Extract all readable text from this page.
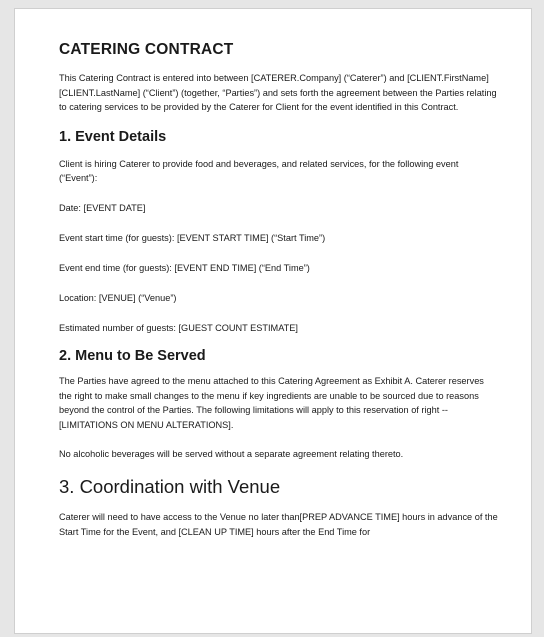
CATERING CONTRACT

This Catering Contract is entered into between [CATERER.Company] (“Caterer”) and [CLIENT.FirstName] [CLIENT.LastName] (“Client”) (together, “Parties”) and sets forth the agreement between the Parties relating to catering services to be provided by the Caterer for Client for the event identified in this Contract.

1. Event Details

Client is hiring Caterer to provide food and beverages, and related services, for the following event (“Event”):

Date: [EVENT DATE]

Event start time (for guests): [EVENT START TIME] (“Start Time”)

Event end time (for guests): [EVENT END TIME] (“End Time”)

Location: [VENUE] (“Venue”)

Estimated number of guests: [GUEST COUNT ESTIMATE]

2. Menu to Be Served

The Parties have agreed to the menu attached to this Catering Agreement as Exhibit A. Caterer reserves the right to make small changes to the menu if key ingredients are unable to be sourced due to reasons beyond the control of the Parties. The following limitations will apply to this reservation of right -- [LIMITATIONS ON MENU ALTERATIONS].

No alcoholic beverages will be served without a separate agreement relating thereto.

3. Coordination with Venue

Caterer will need to have access to the Venue no later than[PREP ADVANCE TIME] hours in advance of the Start Time for the Event, and [CLEAN UP TIME] hours after the End Time for
